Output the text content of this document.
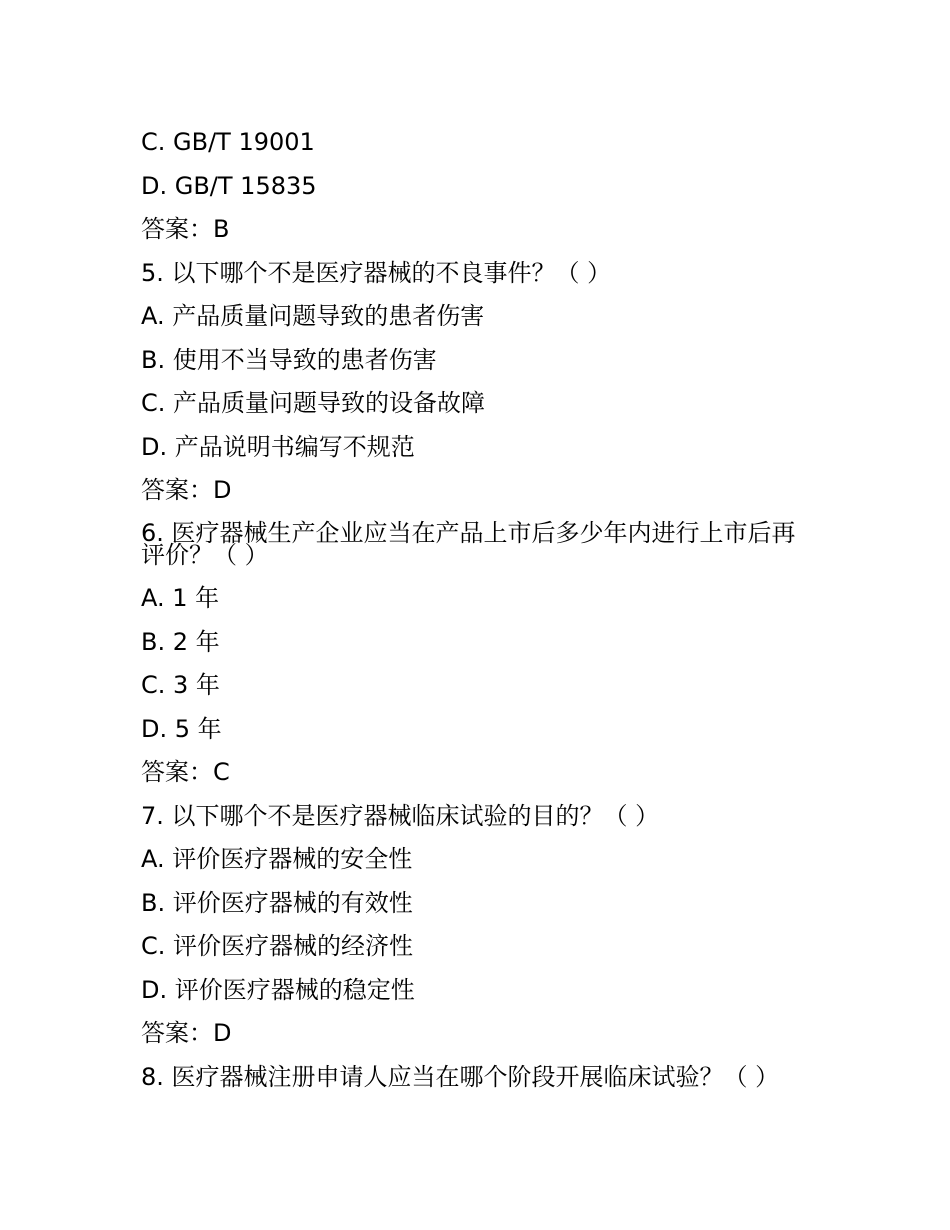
C. GB/T 19001
D. GB/T 15835
答案：B
5. 以下哪个不是医疗器械的不良事件？（ ）
A. 产品质量问题导致的患者伤害
B. 使用不当导致的患者伤害
C. 产品质量问题导致的设备故障
D. 产品说明书编写不规范
答案：D
6. 医疗器械生产企业应当在产品上市后多少年内进行上市后再评价？（ ）
A. 1 年
B. 2 年
C. 3 年
D. 5 年
答案：C
7. 以下哪个不是医疗器械临床试验的目的？（ ）
A. 评价医疗器械的安全性
B. 评价医疗器械的有效性
C. 评价医疗器械的经济性
D. 评价医疗器械的稳定性
答案：D
8. 医疗器械注册申请人应当在哪个阶段开展临床试验？（ ）
